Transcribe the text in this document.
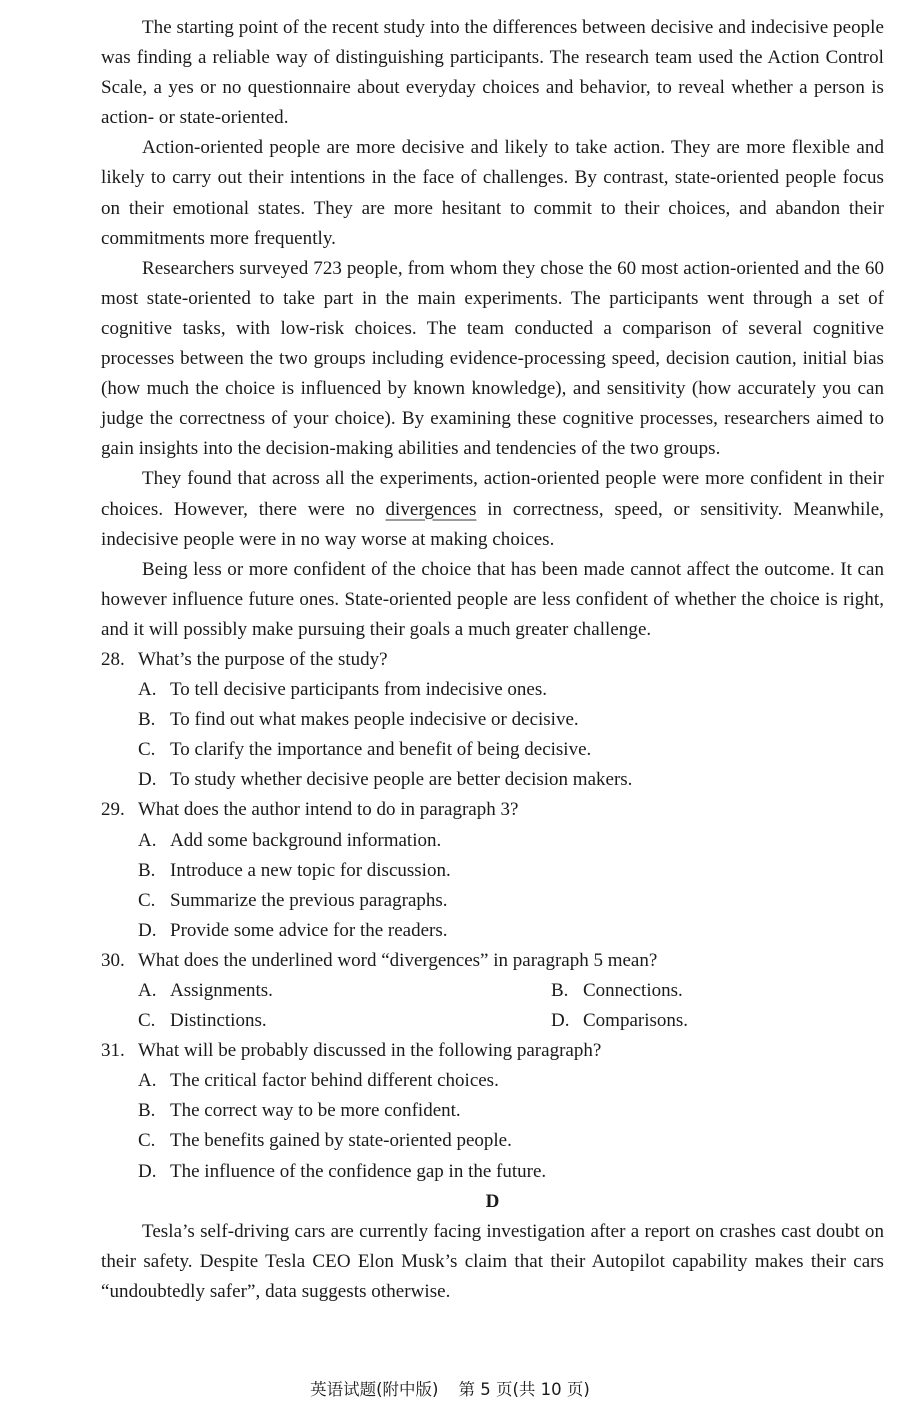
The starting point of the recent study into the differences between decisive and indecisive people was finding a reliable way of distinguishing participants. The research team used the Action Control Scale, a yes or no questionnaire about everyday choices and behavior, to reveal whether a person is action- or state-oriented.

Action-oriented people are more decisive and likely to take action. They are more flexible and likely to carry out their intentions in the face of challenges. By contrast, state-oriented people focus on their emotional states. They are more hesitant to commit to their choices, and abandon their commitments more frequently.

Researchers surveyed 723 people, from whom they chose the 60 most action-oriented and the 60 most state-oriented to take part in the main experiments. The participants went through a set of cognitive tasks, with low-risk choices. The team conducted a comparison of several cognitive processes between the two groups including evidence-processing speed, decision caution, initial bias (how much the choice is influenced by known knowledge), and sensitivity (how accurately you can judge the correctness of your choice). By examining these cognitive processes, researchers aimed to gain insights into the decision-making abilities and tendencies of the two groups.

They found that across all the experiments, action-oriented people were more confident in their choices. However, there were no divergences in correctness, speed, or sensitivity. Meanwhile, indecisive people were in no way worse at making choices.

Being less or more confident of the choice that has been made cannot affect the outcome. It can however influence future ones. State-oriented people are less confident of whether the choice is right, and it will possibly make pursuing their goals a much greater challenge.

28. What’s the purpose of the study?
A. To tell decisive participants from indecisive ones.
B. To find out what makes people indecisive or decisive.
C. To clarify the importance and benefit of being decisive.
D. To study whether decisive people are better decision makers.
29. What does the author intend to do in paragraph 3?
A. Add some background information.
B. Introduce a new topic for discussion.
C. Summarize the previous paragraphs.
D. Provide some advice for the readers.
30. What does the underlined word “divergences” in paragraph 5 mean?
A. Assignments.	B. Connections.
C. Distinctions.	D. Comparisons.
31. What will be probably discussed in the following paragraph?
A. The critical factor behind different choices.
B. The correct way to be more confident.
C. The benefits gained by state-oriented people.
D. The influence of the confidence gap in the future.

D

Tesla’s self-driving cars are currently facing investigation after a report on crashes cast doubt on their safety. Despite Tesla CEO Elon Musk’s claim that their Autopilot capability makes their cars “undoubtedly safer”, data suggests otherwise.

英语试题(附中版) 第 5 页(共 10 页)
